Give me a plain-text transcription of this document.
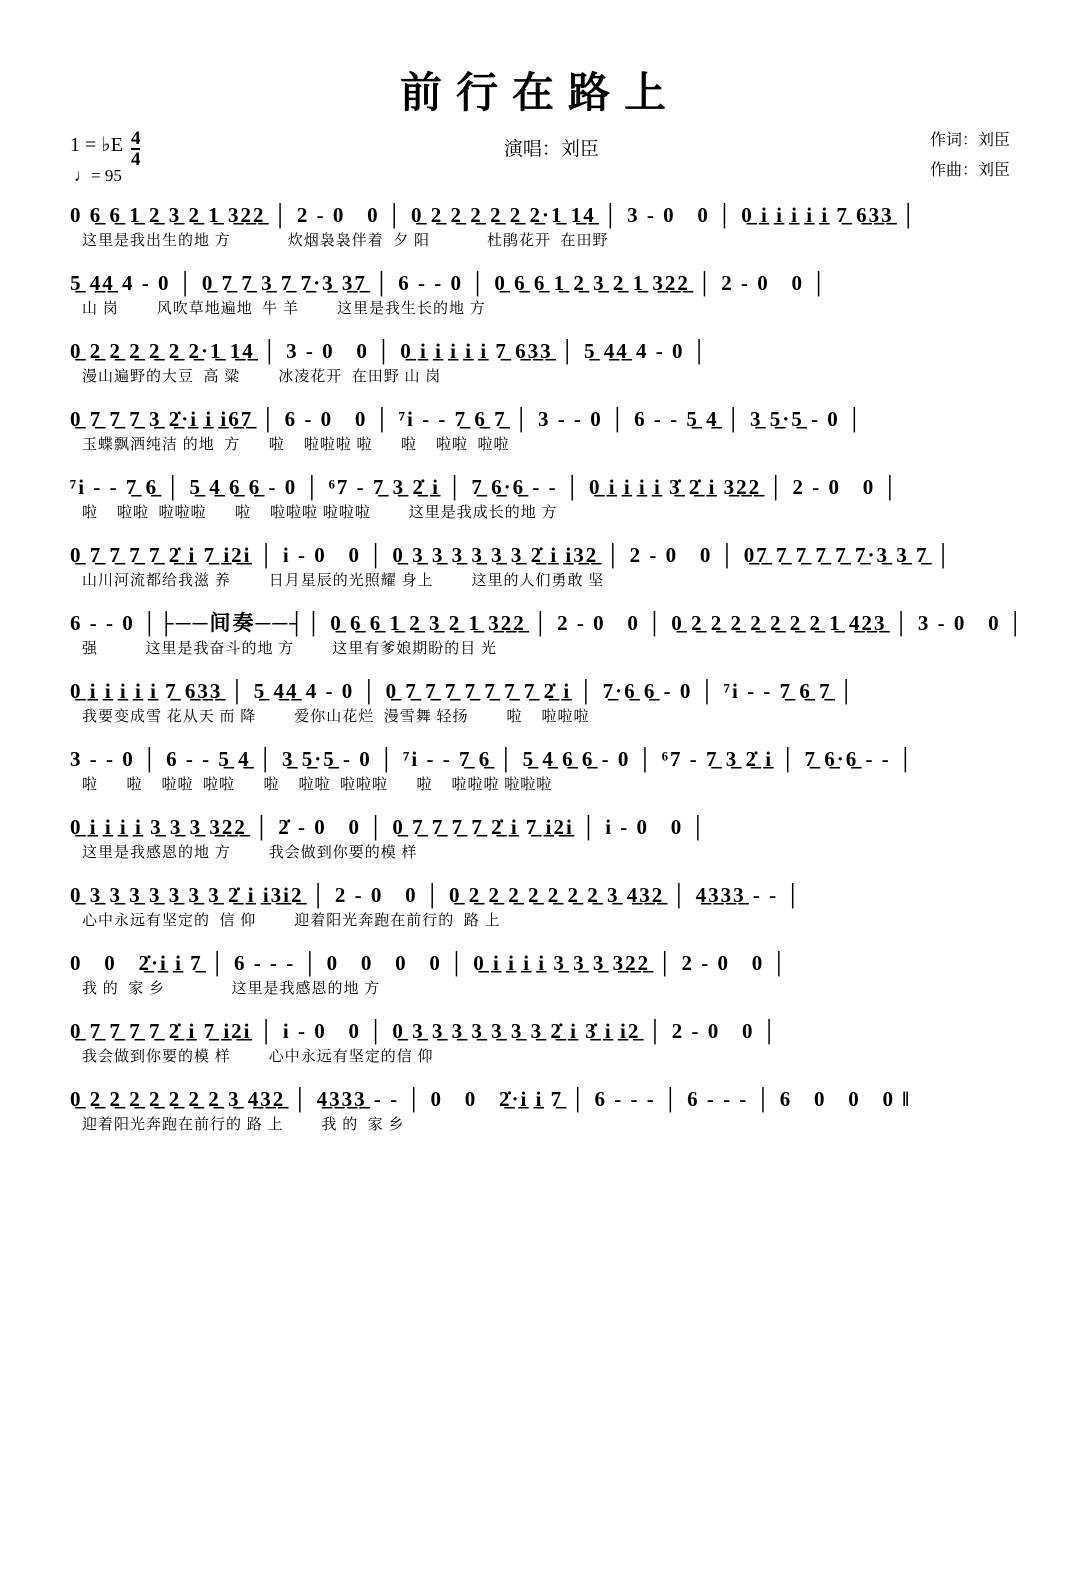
前行在路上
1 = ♭E $\frac{4}{4}$
♩= 95
演唱：刘臣	作词：刘臣
作曲：刘臣
0 6̲ 6̲ 1̲ 2̲ 3̲ 2̲ 1̲ 3̲2̲2̲ │ 2 - 0   0 │ 0̲ 2̲ 2̲ 2̲ 2̲ 2̲ 2̲·1̲ 1̲4̲ │ 3 - 0   0 │ 0̲ i̲ i̲ i̲ i̲ i̲ 7̲ 6̲3̲3̲ │
这里是我出生的地 方            炊烟袅袅伴着  夕 阳            杜鹃花开  在田野
5̲ 4̲4̲ 4 - 0 │ 0̲ 7̲ 7̲ 3̲ 7̲ 7̲·3̲ 3̲7̲ │ 6 - - 0 │ 0̲ 6̲ 6̲ 1̲ 2̲ 3̲ 2̲ 1̲ 3̲2̲2̲ │ 2 - 0   0 │
山 岗        风吹草地遍地  牛 羊        这里是我生长的地 方
0̲ 2̲ 2̲ 2̲ 2̲ 2̲ 2̲·1̲ 1̲4̲ │ 3 - 0   0 │ 0̲ i̲ i̲ i̲ i̲ i̲ 7̲ 6̲3̲3̲ │ 5̲ 4̲4̲ 4 - 0 │
漫山遍野的大豆  高 粱        冰凌花开  在田野 山 岗
0̲ 7̲ 7̲ 7̲ 3̲ 2̲̇·i̲ i̲ i̲6̲7̲ │ 6 - 0   0 │ ⁷i - - 7̲ 6̲ 7̲ │ 3 - - 0 │ 6 - - 5̲ 4̲ │ 3̲ 5̲·5̲ - 0 │
玉蝶飘洒纯洁 的地  方      啦    啦啦啦 啦      啦    啦啦  啦啦
⁷i - - 7̲ 6̲ │ 5̲ 4̲ 6̲ 6̲ - 0 │ ⁶7 - 7̲ 3̲ 2̲̇ i̲ │ 7̲ 6̲·6̲ - - │ 0̲ i̲ i̲ i̲ i̲ 3̲̇ 2̲̇ i̲ 3̲2̲2̲ │ 2 - 0   0 │
啦    啦啦  啦啦啦      啦    啦啦啦 啦啦啦        这里是我成长的地 方
0̲ 7̲ 7̲ 7̲ 7̲ 2̲̇ i̲ 7̲ i̲2̲i̲ │ i - 0   0 │ 0̲ 3̲ 3̲ 3̲ 3̲ 3̲ 3̲ 2̲̇ i̲ i̲3̲2̲ │ 2 - 0   0 │ 0̲7̲ 7̲ 7̲ 7̲ 7̲ 7̲·3̲ 3̲ 7̲ │
山川河流都给我滋 养        日月星辰的光照耀 身上        这里的人们勇敢 坚
6 - - 0 │├──间奏──┤│ 0̲ 6̲ 6̲ 1̲ 2̲ 3̲ 2̲ 1̲ 3̲2̲2̲ │ 2 - 0   0 │ 0̲ 2̲ 2̲ 2̲ 2̲ 2̲ 2̲ 2̲ 1̲ 4̲2̲3̲ │ 3 - 0   0 │
强          这里是我奋斗的地 方        这里有爹娘期盼的目 光
0̲ i̲ i̲ i̲ i̲ i̲ 7̲ 6̲3̲3̲ │ 5̲ 4̲4̲ 4 - 0 │ 0̲ 7̲ 7̲ 7̲ 7̲ 7̲ 7̲ 7̲ 2̲̇ i̲ │ 7̲·6̲ 6̲ - 0 │ ⁷i - - 7̲ 6̲ 7̲ │
我要变成雪 花从天 而 降        爱你山花烂  漫雪舞 轻扬        啦    啦啦啦
3 - - 0 │ 6 - - 5̲ 4̲ │ 3̲ 5̲·5̲ - 0 │ ⁷i - - 7̲ 6̲ │ 5̲ 4̲ 6̲ 6̲ - 0 │ ⁶7 - 7̲ 3̲ 2̲̇ i̲ │ 7̲ 6̲·6̲ - - │
啦      啦    啦啦  啦啦      啦    啦啦  啦啦啦      啦    啦啦啦 啦啦啦
0̲ i̲ i̲ i̲ i̲ 3̲ 3̲ 3̲ 3̲2̲2̲ │ 2̇ - 0   0 │ 0̲ 7̲ 7̲ 7̲ 7̲ 2̲̇ i̲ 7̲ i̲2̲i̲ │ i - 0   0 │
这里是我感恩的地 方        我会做到你要的模 样
0̲ 3̲ 3̲ 3̲ 3̲ 3̲ 3̲ 3̲ 2̲̇ i̲ i̲3̲i̲2̲ │ 2 - 0   0 │ 0̲ 2̲ 2̲ 2̲ 2̲ 2̲ 2̲ 2̲ 3̲ 4̲3̲2̲ │ 4̲3̲3̲3̲ - - │
心中永远有坚定的  信 仰        迎着阳光奔跑在前行的  路 上
0   0   2̲̇·i̲ i̲ 7̲ │ 6 - - - │ 0   0   0   0 │ 0̲ i̲ i̲ i̲ i̲ 3̲ 3̲ 3̲ 3̲2̲2̲ │ 2 - 0   0 │
我 的  家 乡              这里是我感恩的地 方
0̲ 7̲ 7̲ 7̲ 7̲ 2̲̇ i̲ 7̲ i̲2̲i̲ │ i - 0   0 │ 0̲ 3̲ 3̲ 3̲ 3̲ 3̲ 3̲ 3̲ 2̲̇ i̲ 3̲̇ i̲ i̲2̲ │ 2 - 0   0 │
我会做到你要的模 样        心中永远有坚定的信 仰
0̲ 2̲ 2̲ 2̲ 2̲ 2̲ 2̲ 2̲ 3̲ 4̲3̲2̲ │ 4̲3̲3̲3̲ - - │ 0   0   2̲̇·i̲ i̲ 7̲ │ 6 - - - │ 6 - - - │ 6   0   0   0 ‖
迎着阳光奔跑在前行的 路 上        我 的  家 乡
